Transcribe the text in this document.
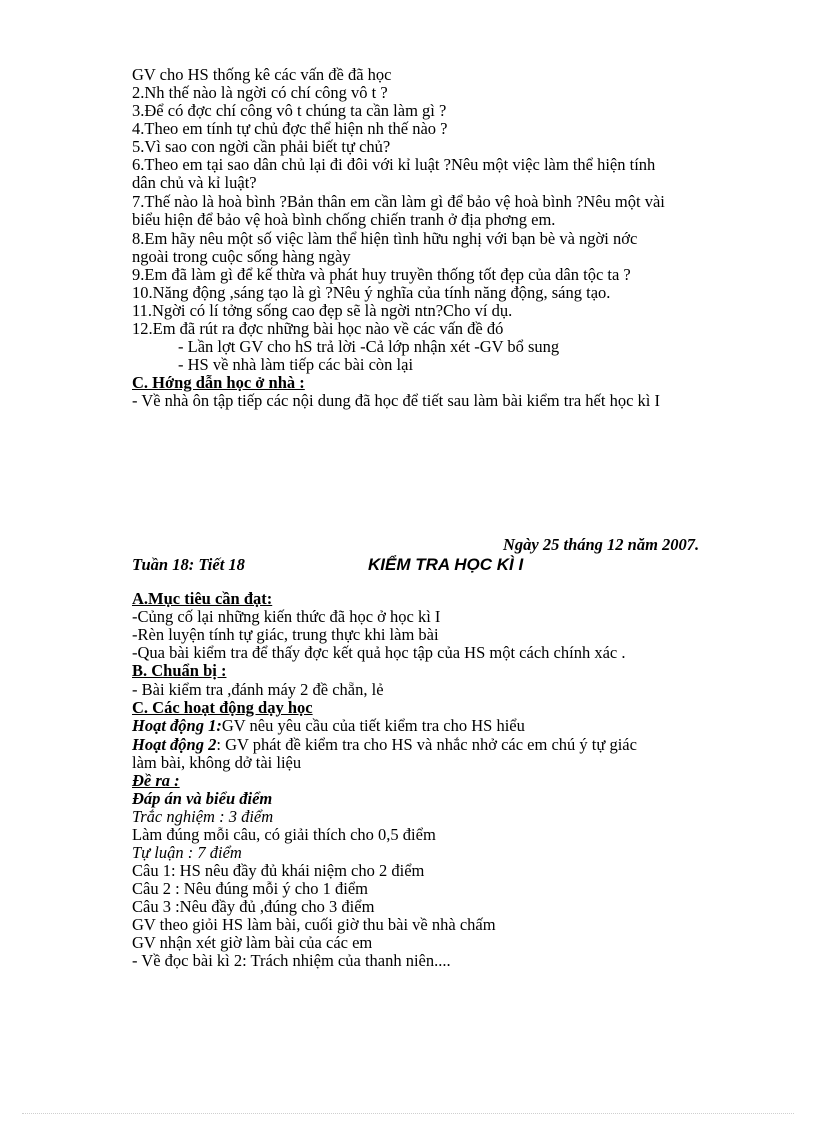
GV cho HS thống kê các vấn đề đã học
2.Nh thế nào là ngời có chí công vô t ?
3.Để có đợc chí công vô t chúng ta cần làm gì ?
4.Theo em tính tự chủ đợc thể hiện nh thế nào ?
5.Vì sao con ngời cần phải biết tự chủ?
6.Theo em tại sao dân chủ lại đi đôi với kỉ luật ?Nêu một việc làm thể hiện tính
dân chủ và kỉ luật?
7.Thế nào là hoà bình ?Bản thân em cần làm gì để bảo vệ hoà bình ?Nêu một vài
biểu hiện để bảo vệ hoà bình chống chiến tranh ở địa phơng em.
8.Em hãy nêu một số việc làm thể hiện tình hữu nghị với bạn bè và ngời nớc
ngoài trong cuộc sống hàng ngày
9.Em đã làm gì để kế thừa và phát huy truyền thống tốt đẹp của dân tộc ta ?
10.Năng động ,sáng tạo là gì ?Nêu ý nghĩa của tính năng động, sáng tạo.
11.Ngời có lí tởng sống cao đẹp sẽ là ngời ntn?Cho ví dụ.
12.Em đã rút ra đợc những bài học nào về các vấn đề đó
- Lần lợt GV cho hS trả lời -Cả lớp nhận xét -GV bổ sung
- HS về nhà làm tiếp các bài còn lại
C. Hớng dẫn học ở nhà :
- Về nhà ôn tập tiếp các nội dung đã học để tiết sau làm bài kiểm tra hết học kì I
Ngày 25 tháng 12 năm 2007.
Tuần 18: Tiết 18	KIỂM TRA HỌC KÌ I
A.Mục tiêu cần đạt:
-Củng cố lại những kiến thức đã học ở học kì I
-Rèn luyện tính tự giác, trung thực khi làm bài
-Qua bài kiểm tra để thấy đợc kết quả học tập của HS một cách chính xác .
B. Chuẩn bị :
- Bài kiểm tra ,đánh máy 2 đề chẵn, lẻ
C. Các hoạt động dạy học
Hoạt động 1:GV nêu yêu cầu của tiết kiểm tra cho HS hiểu
Hoạt động 2: GV phát đề kiểm tra cho HS và nhắc nhở các em chú ý tự giác
làm bài, không dở tài liệu
Đề ra :
Đáp án và biểu điểm
Trắc nghiệm : 3 điểm
Làm đúng mỗi câu, có giải thích cho 0,5 điểm
Tự luận : 7 điểm
Câu 1: HS nêu đầy đủ khái niệm cho 2 điểm
Câu 2 : Nêu đúng mỗi ý cho 1 điểm
Câu 3 :Nêu đầy đủ ,đúng cho 3 điểm
GV theo giỏi HS làm bài, cuối giờ thu bài về nhà chấm
GV nhận xét giờ làm bài của các em
- Về đọc bài kì 2: Trách nhiệm của thanh niên....
